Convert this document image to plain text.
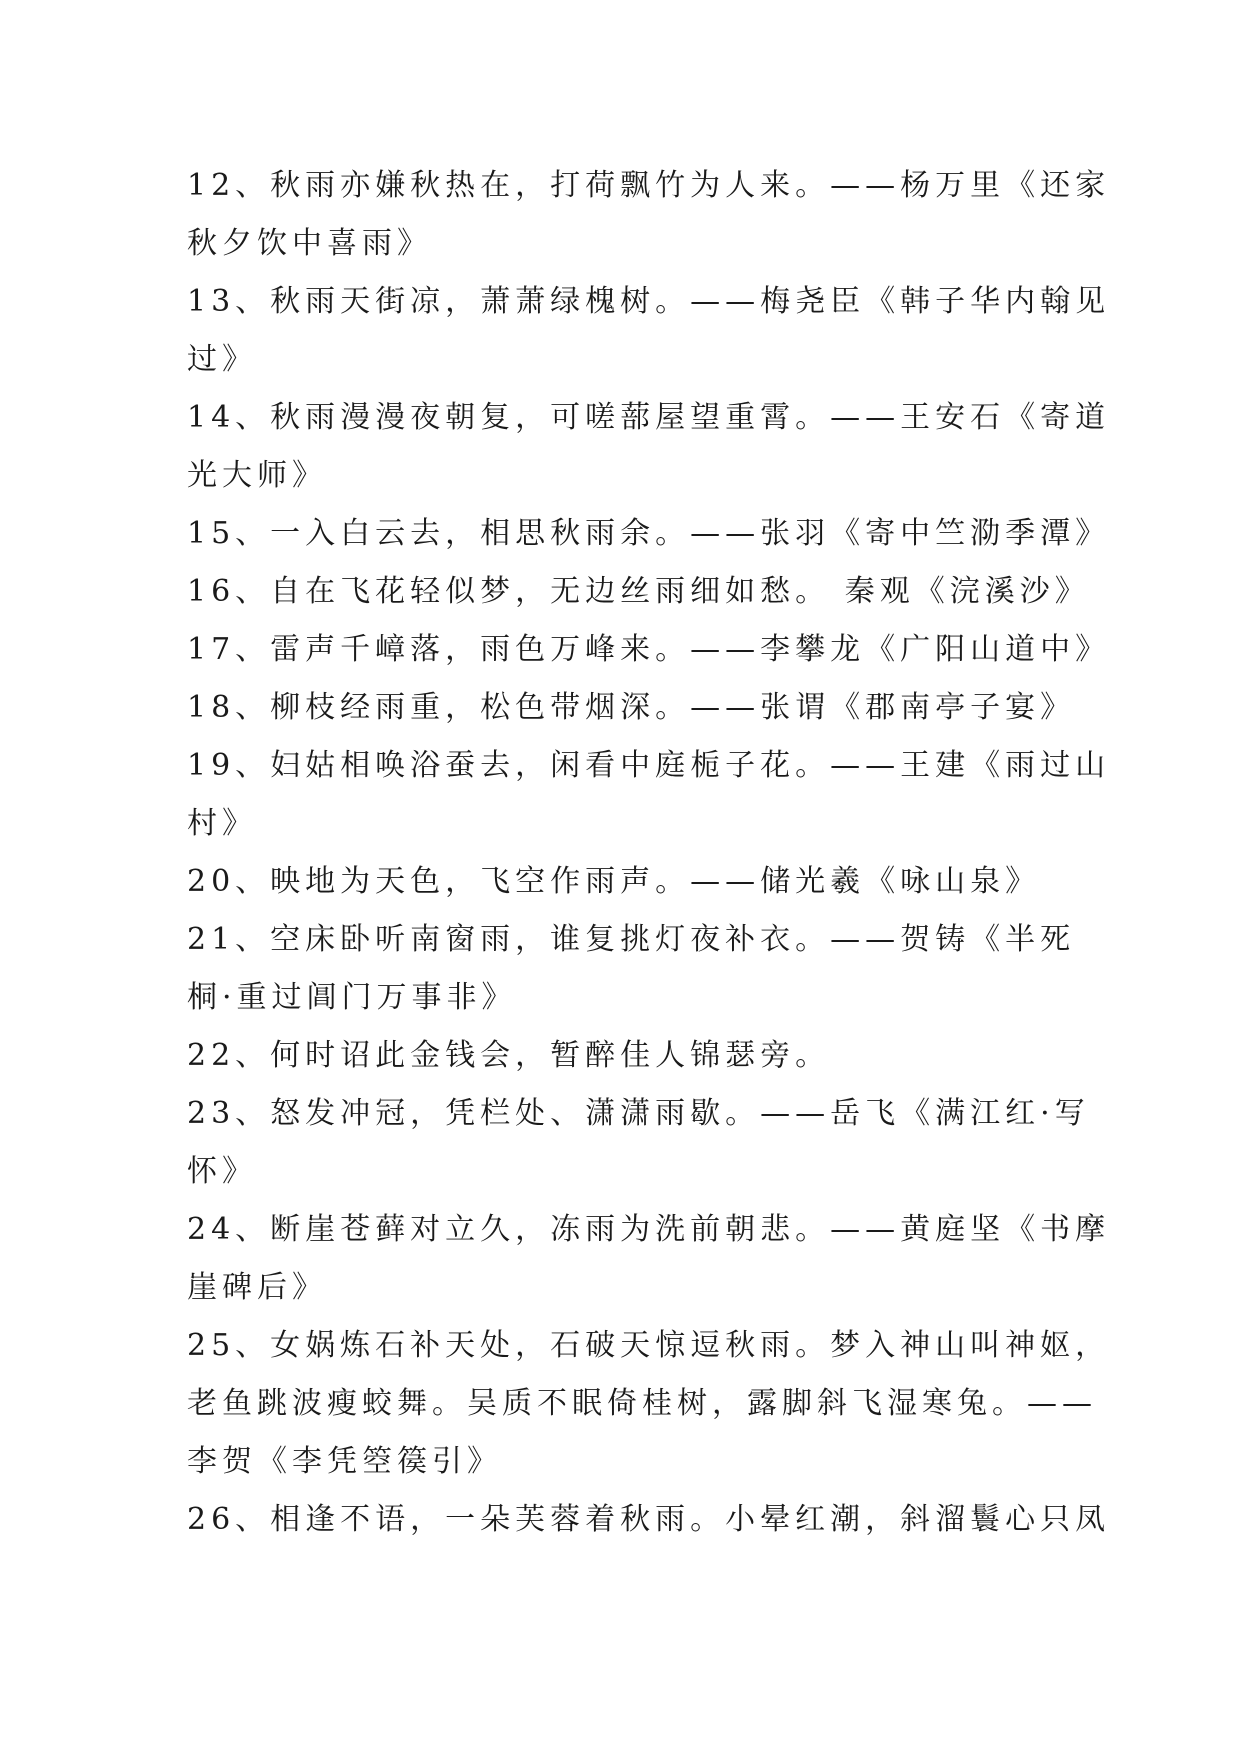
12、秋雨亦嫌秋热在，打荷飘竹为人来。——杨万里《还家
秋夕饮中喜雨》
13、秋雨天街凉，萧萧绿槐树。——梅尧臣《韩子华内翰见
过》
14、秋雨漫漫夜朝复，可嗟蔀屋望重霄。——王安石《寄道
光大师》
15、一入白云去，相思秋雨余。——张羽《寄中竺泐季潭》
16、自在飞花轻似梦，无边丝雨细如愁。 秦观《浣溪沙》
17、雷声千嶂落，雨色万峰来。——李攀龙《广阳山道中》
18、柳枝经雨重，松色带烟深。——张谓《郡南亭子宴》
19、妇姑相唤浴蚕去，闲看中庭栀子花。——王建《雨过山
村》
20、映地为天色，飞空作雨声。——储光羲《咏山泉》
21、空床卧听南窗雨，谁复挑灯夜补衣。——贺铸《半死
桐·重过阊门万事非》
22、何时诏此金钱会，暂醉佳人锦瑟旁。
23、怒发冲冠，凭栏处、潇潇雨歇。——岳飞《满江红·写
怀》
24、断崖苍藓对立久，冻雨为洗前朝悲。——黄庭坚《书摩
崖碑后》
25、女娲炼石补天处，石破天惊逗秋雨。梦入神山叫神妪，
老鱼跳波瘦蛟舞。吴质不眠倚桂树，露脚斜飞湿寒兔。——
李贺《李凭箜篌引》
26、相逢不语，一朵芙蓉着秋雨。小晕红潮，斜溜鬟心只凤
